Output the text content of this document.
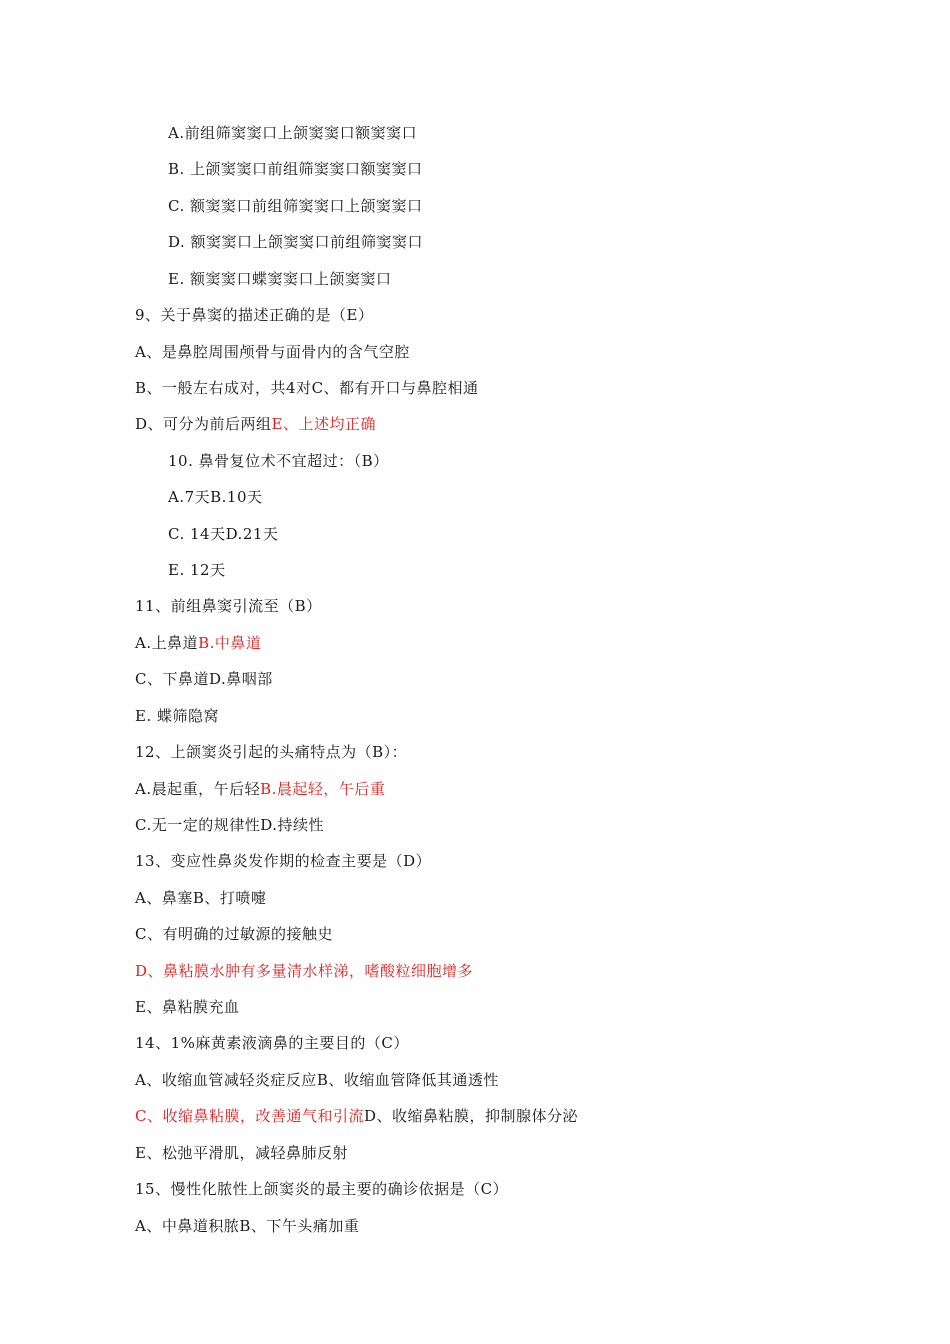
A.前组筛窦窦口上颌窦窦口额窦窦口
B. 上颌窦窦口前组筛窦窦口额窦窦口
C. 额窦窦口前组筛窦窦口上颌窦窦口
D. 额窦窦口上颌窦窦口前组筛窦窦口
E. 额窦窦口蝶窦窦口上颌窦窦口
9、关于鼻窦的描述正确的是（E）
A、是鼻腔周围颅骨与面骨内的含气空腔
B、一般左右成对，共4对C、都有开口与鼻腔相通
D、可分为前后两组E、上述均正确
10. 鼻骨复位术不宜超过：（B）
A.7天B.10天
C. 14天D.21天
E. 12天
11、前组鼻窦引流至（B）
A.上鼻道B.中鼻道
C、下鼻道D.鼻咽部
E. 蝶筛隐窝
12、上颌窦炎引起的头痛特点为（B）：
A.晨起重，午后轻B.晨起轻，午后重
C.无一定的规律性D.持续性
13、变应性鼻炎发作期的检查主要是（D）
A、鼻塞B、打喷嚏
C、有明确的过敏源的接触史
D、鼻粘膜水肿有多量清水样涕，嗜酸粒细胞增多
E、鼻粘膜充血
14、1%麻黄素液滴鼻的主要目的（C）
A、收缩血管减轻炎症反应B、收缩血管降低其通透性
C、收缩鼻粘膜，改善通气和引流D、收缩鼻粘膜，抑制腺体分泌
E、松弛平滑肌，减轻鼻肺反射
15、慢性化脓性上颌窦炎的最主要的确诊依据是（C）
A、中鼻道积脓B、下午头痛加重
